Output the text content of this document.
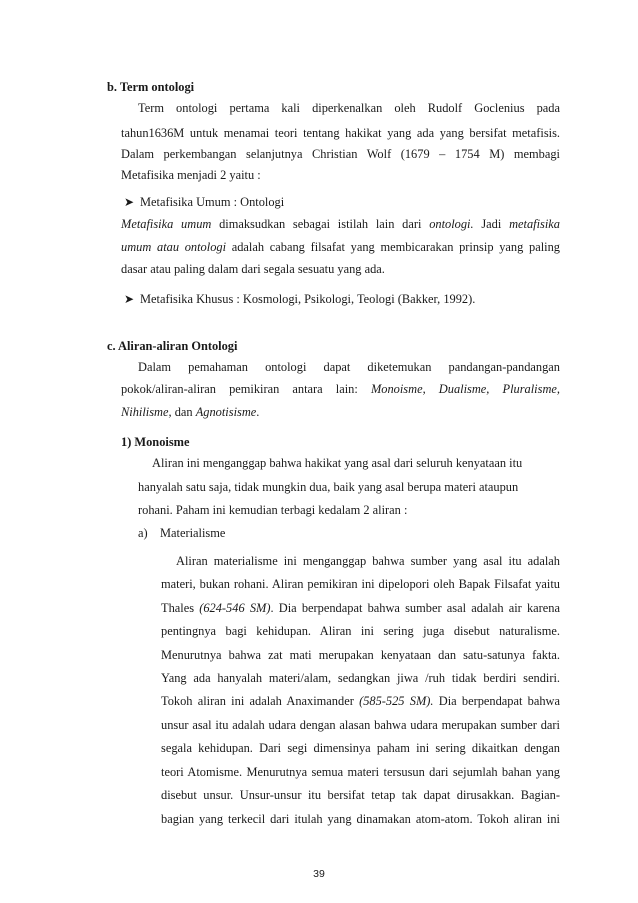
b. Term ontologi
Term ontologi pertama kali diperkenalkan oleh Rudolf Goclenius pada
tahun1636M untuk menamai teori tentang hakikat yang ada yang bersifat metafisis.
Dalam perkembangan selanjutnya Christian Wolf (1679 – 1754 M) membagi
Metafisika menjadi 2 yaitu :
➤ Metafisika Umum : Ontologi
Metafisika umum dimaksudkan sebagai istilah lain dari ontologi. Jadi metafisika
umum atau ontologi adalah cabang filsafat yang membicarakan prinsip yang paling
dasar atau paling dalam dari segala sesuatu yang ada.
➤ Metafisika Khusus : Kosmologi, Psikologi, Teologi (Bakker, 1992).
c. Aliran-aliran Ontologi
Dalam pemahaman ontologi dapat diketemukan pandangan-pandangan
pokok/aliran-aliran pemikiran antara lain: Monoisme, Dualisme, Pluralisme,
Nihilisme, dan Agnotisisme.
1) Monoisme
Aliran ini menganggap bahwa hakikat yang asal dari seluruh kenyataan itu
hanyalah satu saja, tidak mungkin dua, baik yang asal berupa materi ataupun
rohani. Paham ini kemudian terbagi kedalam 2 aliran :
a)    Materialisme
Aliran materialisme ini menganggap bahwa sumber yang asal itu adalah
materi, bukan rohani. Aliran pemikiran ini dipelopori oleh Bapak Filsafat yaitu
Thales (624-546 SM). Dia berpendapat bahwa sumber asal adalah air karena
pentingnya bagi kehidupan. Aliran ini sering juga disebut naturalisme.
Menurutnya bahwa zat mati merupakan kenyataan dan satu-satunya fakta.
Yang ada hanyalah materi/alam, sedangkan jiwa /ruh tidak berdiri sendiri.
Tokoh aliran ini adalah Anaximander (585-525 SM). Dia berpendapat bahwa
unsur asal itu adalah udara dengan alasan bahwa udara merupakan sumber dari
segala kehidupan. Dari segi dimensinya paham ini sering dikaitkan dengan
teori Atomisme. Menurutnya semua materi tersusun dari sejumlah bahan yang
disebut unsur. Unsur-unsur itu bersifat tetap tak dapat dirusakkan. Bagian-
bagian yang terkecil dari itulah yang dinamakan atom-atom. Tokoh aliran ini
39
